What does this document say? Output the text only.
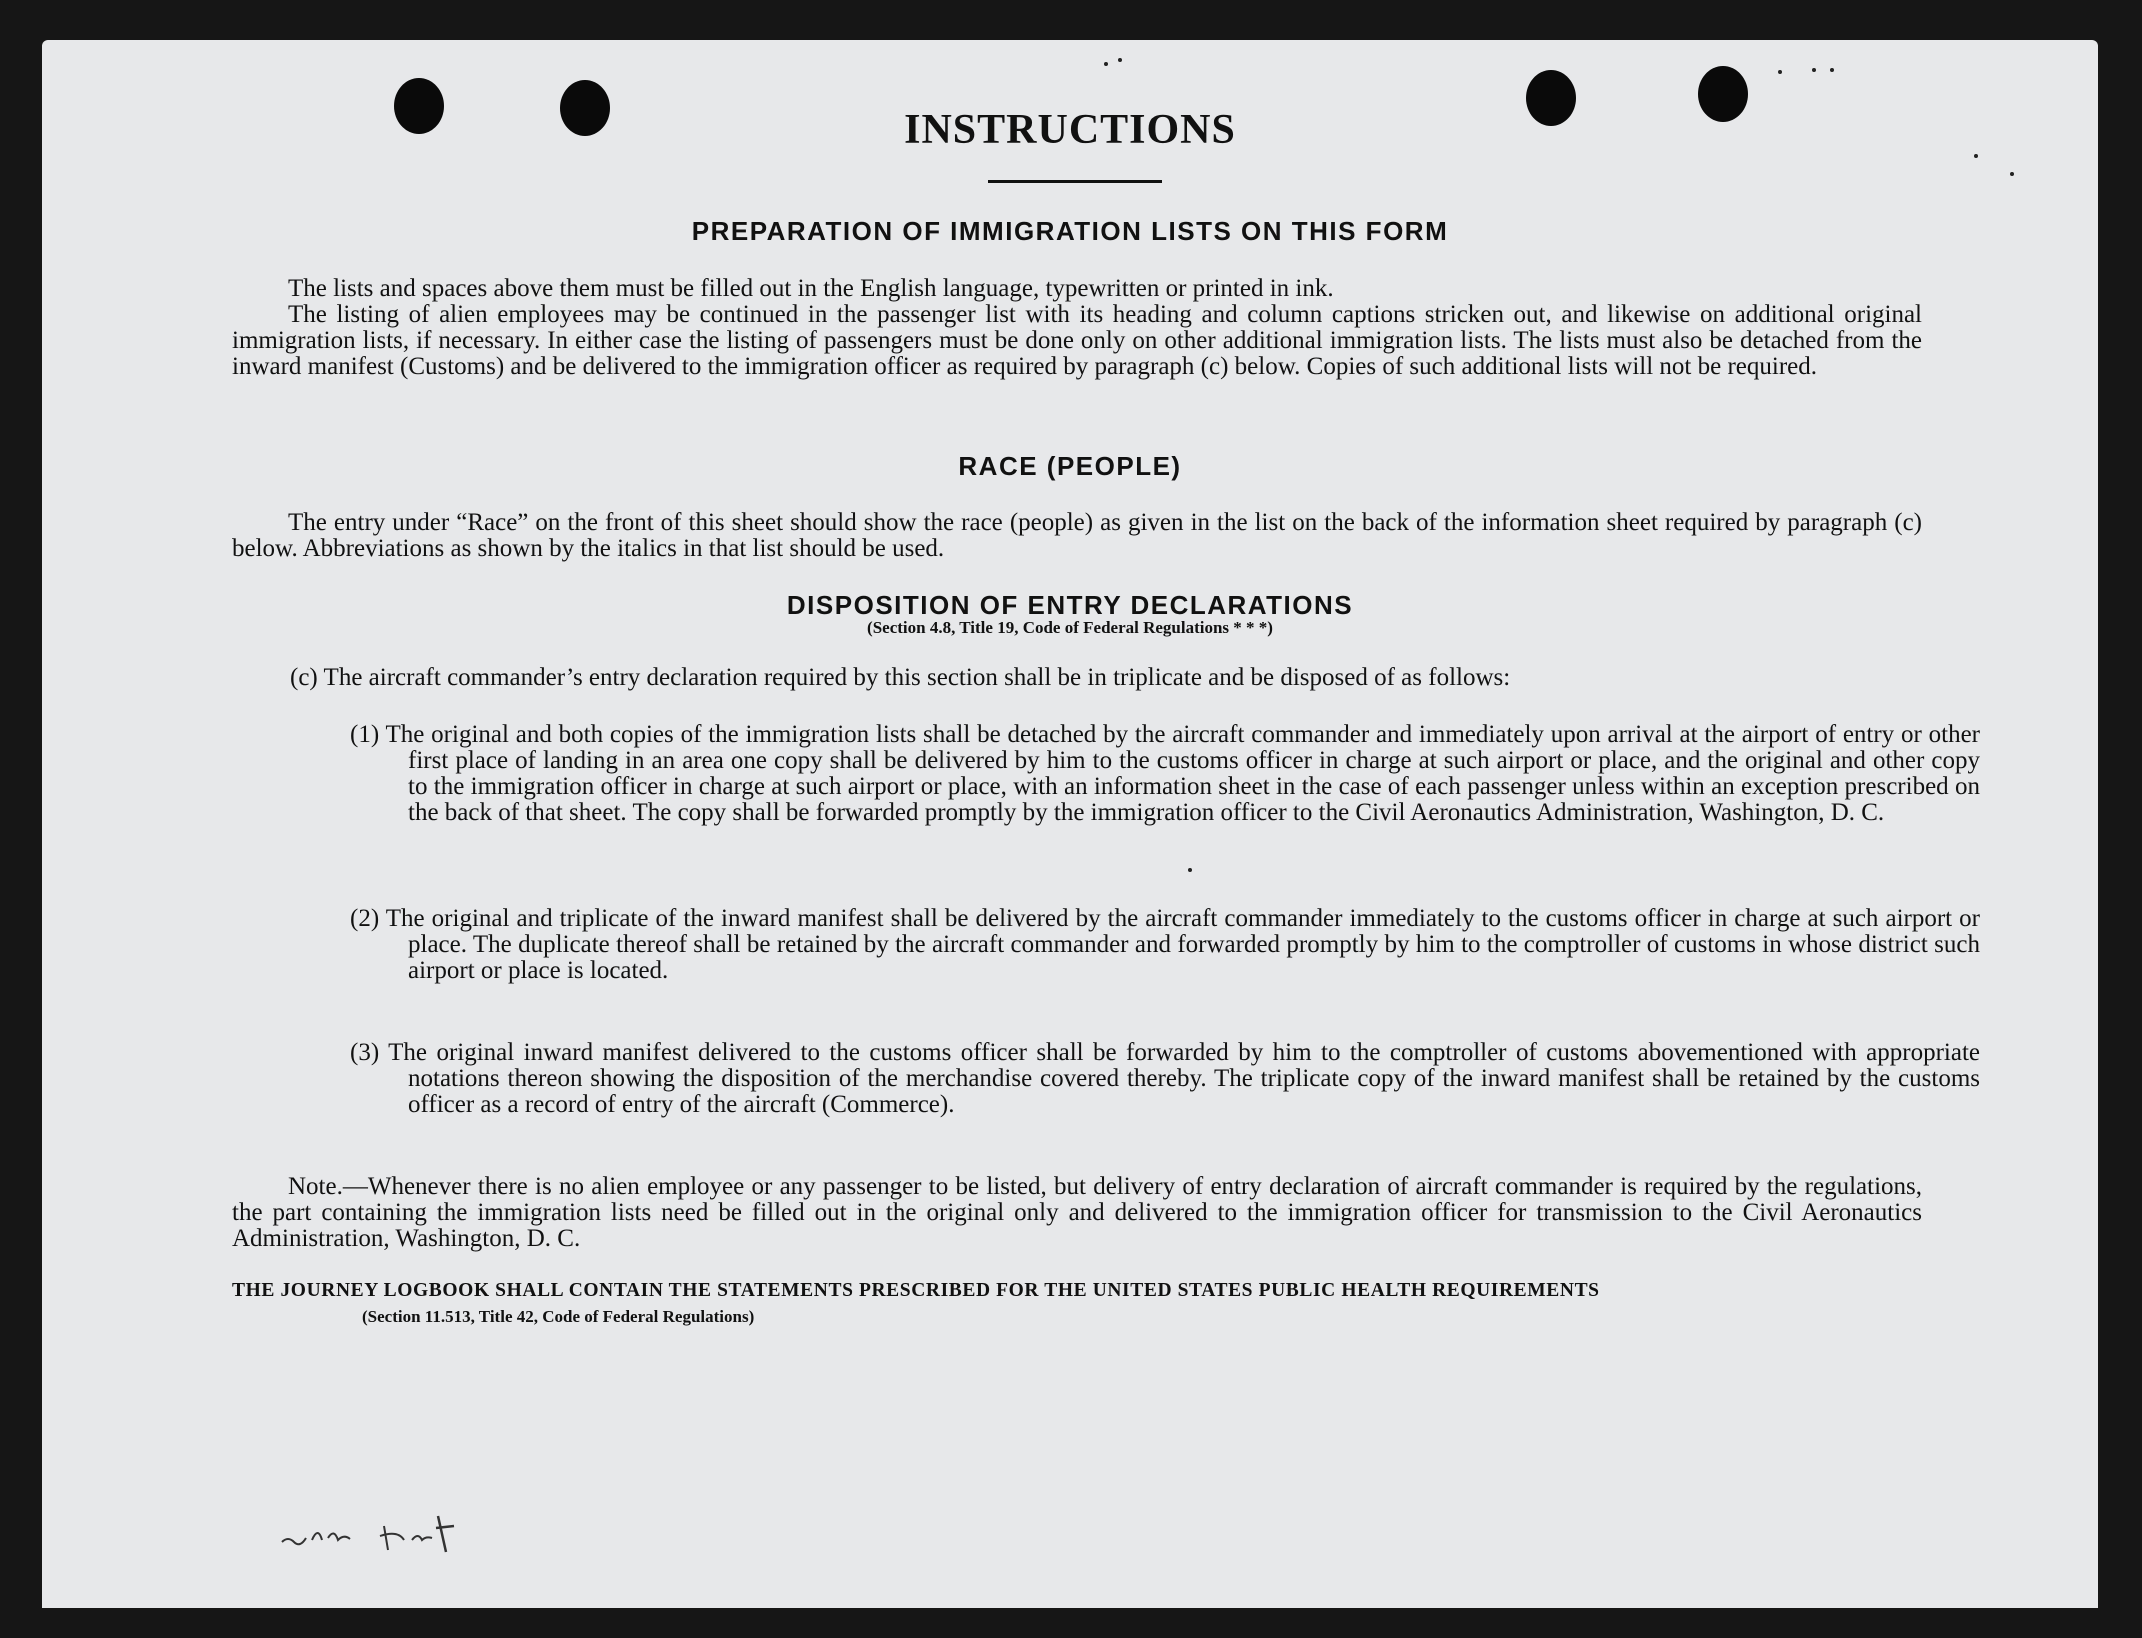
INSTRUCTIONS
PREPARATION OF IMMIGRATION LISTS ON THIS FORM

The lists and spaces above them must be filled out in the English language, typewritten or printed in ink.

The listing of alien employees may be continued in the passenger list with its heading and column captions stricken out, and likewise on additional original immigration lists, if necessary. In either case the listing of passengers must be done only on other additional immigration lists. The lists must also be detached from the inward manifest (Customs) and be delivered to the immigration officer as required by paragraph (c) below. Copies of such additional lists will not be required.

RACE (PEOPLE)

The entry under “Race” on the front of this sheet should show the race (people) as given in the list on the back of the information sheet required by paragraph (c) below. Abbreviations as shown by the italics in that list should be used.

DISPOSITION OF ENTRY DECLARATIONS
(Section 4.8, Title 19, Code of Federal Regulations * * *)

(c) The aircraft commander’s entry declaration required by this section shall be in triplicate and be disposed of as follows:

(1) The original and both copies of the immigration lists shall be detached by the aircraft commander and immediately upon arrival at the airport of entry or other first place of landing in an area one copy shall be delivered by him to the customs officer in charge at such airport or place, and the original and other copy to the immigration officer in charge at such airport or place, with an information sheet in the case of each passenger unless within an exception prescribed on the back of that sheet. The copy shall be forwarded promptly by the immigration officer to the Civil Aeronautics Administration, Washington, D. C.

(2) The original and triplicate of the inward manifest shall be delivered by the aircraft commander immediately to the customs officer in charge at such airport or place. The duplicate thereof shall be retained by the aircraft commander and forwarded promptly by him to the comptroller of customs in whose district such airport or place is located.

(3) The original inward manifest delivered to the customs officer shall be forwarded by him to the comptroller of customs abovementioned with appropriate notations thereon showing the disposition of the merchandise covered thereby. The triplicate copy of the inward manifest shall be retained by the customs officer as a record of entry of the aircraft (Commerce).

Note.—Whenever there is no alien employee or any passenger to be listed, but delivery of entry declaration of aircraft commander is required by the regulations, the part containing the immigration lists need be filled out in the original only and delivered to the immigration officer for transmission to the Civil Aeronautics Administration, Washington, D. C.

THE JOURNEY LOGBOOK SHALL CONTAIN THE STATEMENTS PRESCRIBED FOR THE UNITED STATES PUBLIC HEALTH REQUIREMENTS
(Section 11.513, Title 42, Code of Federal Regulations)
